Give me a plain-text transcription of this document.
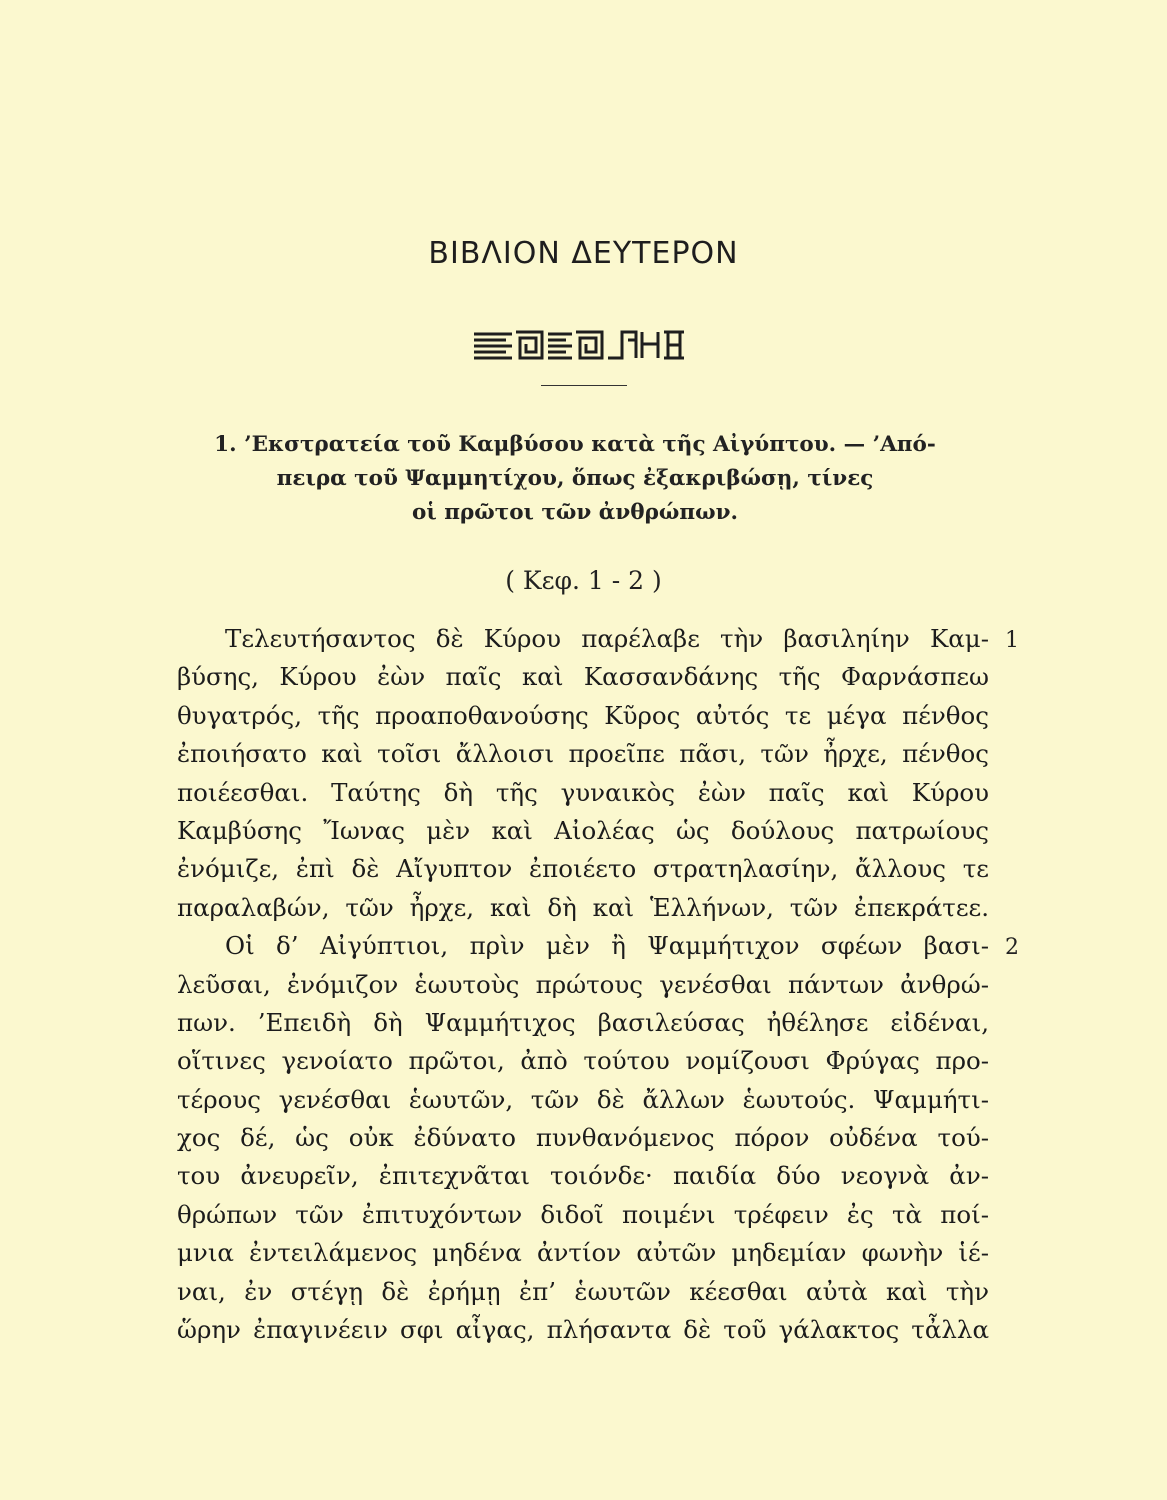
ΒΙΒΛΙΟΝ ΔΕΥΤΕΡΟΝ
1. ’Εκστρατεία τοῦ Καμβύσου κατὰ τῆς Αἰγύπτου. — ’Από-
πειρα τοῦ Ψαμμητίχου, ὅπως ἐξακριβώσῃ, τίνες
οἱ πρῶτοι τῶν ἀνθρώπων.
( Κεφ. 1 - 2 )
1
2
Τελευτήσαντος δὲ Κύρου παρέλαβε τὴν βασιληίην Καμ-
βύσης, Κύρου ἐὼν παῖς καὶ Κασσανδάνης τῆς Φαρνάσπεω
θυγατρός, τῆς προαποθανούσης Κῦρος αὐτός τε μέγα πένθος
ἐποιήσατο καὶ τοῖσι ἄλλοισι προεῖπε πᾶσι, τῶν ἦρχε, πένθος
ποιέεσθαι. Ταύτης δὴ τῆς γυναικὸς ἐὼν παῖς καὶ Κύρου
Καμβύσης Ἴωνας μὲν καὶ Αἰολέας ὡς δούλους πατρωίους
ἐνόμιζε, ἐπὶ δὲ Αἴγυπτον ἐποιέετο στρατηλασίην, ἄλλους τε
παραλαβών, τῶν ἦρχε, καὶ δὴ καὶ Ἑλλήνων, τῶν ἐπεκράτεε.
Οἱ δ’ Αἰγύπτιοι, πρὶν μὲν ἢ Ψαμμήτιχον σφέων βασι-
λεῦσαι, ἐνόμιζον ἑωυτοὺς πρώτους γενέσθαι πάντων ἀνθρώ-
πων. ’Επειδὴ δὴ Ψαμμήτιχος βασιλεύσας ἠθέλησε εἰδέναι,
οἵτινες γενοίατο πρῶτοι, ἀπὸ τούτου νομίζουσι Φρύγας προ-
τέρους γενέσθαι ἑωυτῶν, τῶν δὲ ἄλλων ἑωυτούς. Ψαμμήτι-
χος δέ, ὡς οὐκ ἐδύνατο πυνθανόμενος πόρον οὐδένα τού-
του ἀνευρεῖν, ἐπιτεχνᾶται τοιόνδε· παιδία δύο νεογνὰ ἀν-
θρώπων τῶν ἐπιτυχόντων διδοῖ ποιμένι τρέφειν ἐς τὰ ποί-
μνια ἐντειλάμενος μηδένα ἀντίον αὐτῶν μηδεμίαν φωνὴν ἱέ-
ναι, ἐν στέγῃ δὲ ἐρήμῃ ἐπ’ ἑωυτῶν κέεσθαι αὐτὰ καὶ τὴν
ὥρην ἐπαγινέειν σφι αἶγας, πλήσαντα δὲ τοῦ γάλακτος τἆλλα
